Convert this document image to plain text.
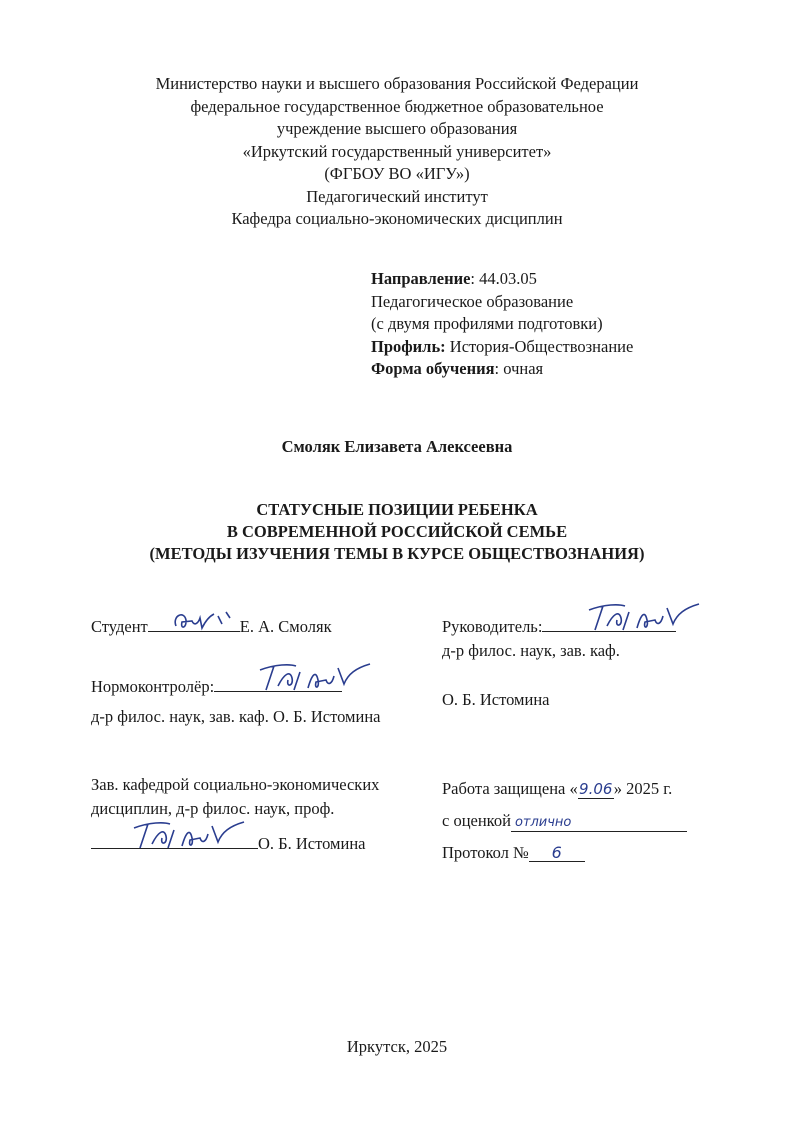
Министерство науки и высшего образования Российской Федерации
федеральное государственное бюджетное образовательное
учреждение высшего образования
«Иркутский государственный университет»
(ФГБОУ ВО «ИГУ»)
Педагогический институт
Кафедра социально-экономических дисциплин
Направление: 44.03.05
Педагогическое образование
(с двумя профилями подготовки)
Профиль: История-Обществознание
Форма обучения: очная
Смоляк Елизавета Алексеевна
СТАТУСНЫЕ ПОЗИЦИИ РЕБЕНКА
В СОВРЕМЕННОЙ РОССИЙСКОЙ СЕМЬЕ
(МЕТОДЫ ИЗУЧЕНИЯ ТЕМЫ В КУРСЕ ОБЩЕСТВОЗНАНИЯ)
Студент	Е. А. Смоляк	Руководитель:
д-р филос. наук, зав. каф.
О. Б. Истомина
Нормоконтролёр:
д-р филос. наук, зав. каф. О. Б. Истомина
Зав. кафедрой социально-экономических
дисциплин, д-р филос. наук, проф.
О. Б. Истомина
Работа защищена «9.06» 2025 г.
с оценкой отлично
Протокол № 6
Иркутск, 2025
